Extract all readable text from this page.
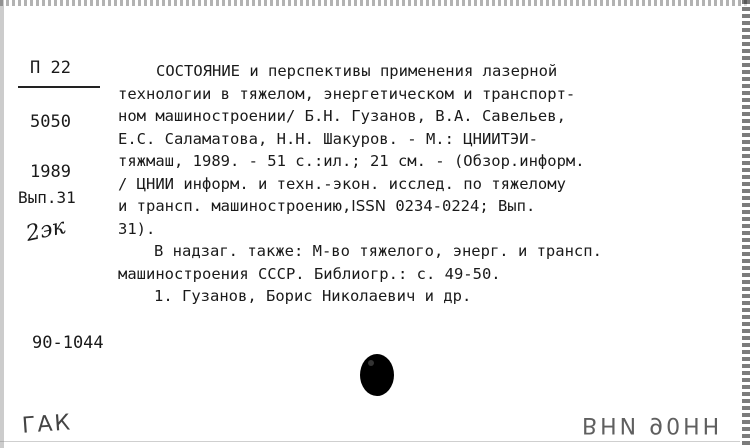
П 22
5050
1989
Вып.31
2эк
90-1044
СОСТОЯНИЕ и перспективы применения лазерной
технологии в тяжелом, энергетическом и транспорт-
ном машиностроении/ Б.Н. Гузанов, В.А. Савельев,
Е.С. Саламатова, Н.Н. Шакуров. - М.: ЦНИИТЭИ-
тяжмаш, 1989. - 51 с.:ил.; 21 см. - (Обзор.информ.
/ ЦНИИ информ. и техн.-экон. исслед. по тяжелому
и трансп. машиностроению,ISSN 0234-0224; Вып.
31).
В надзаг. также: М-во тяжелого, энерг. и трансп.
машиностроения СССР. Библиогр.: с. 49-50.
1. Гузанов, Борис Николаевич и др.
ГАК	ВНИ 90НН
